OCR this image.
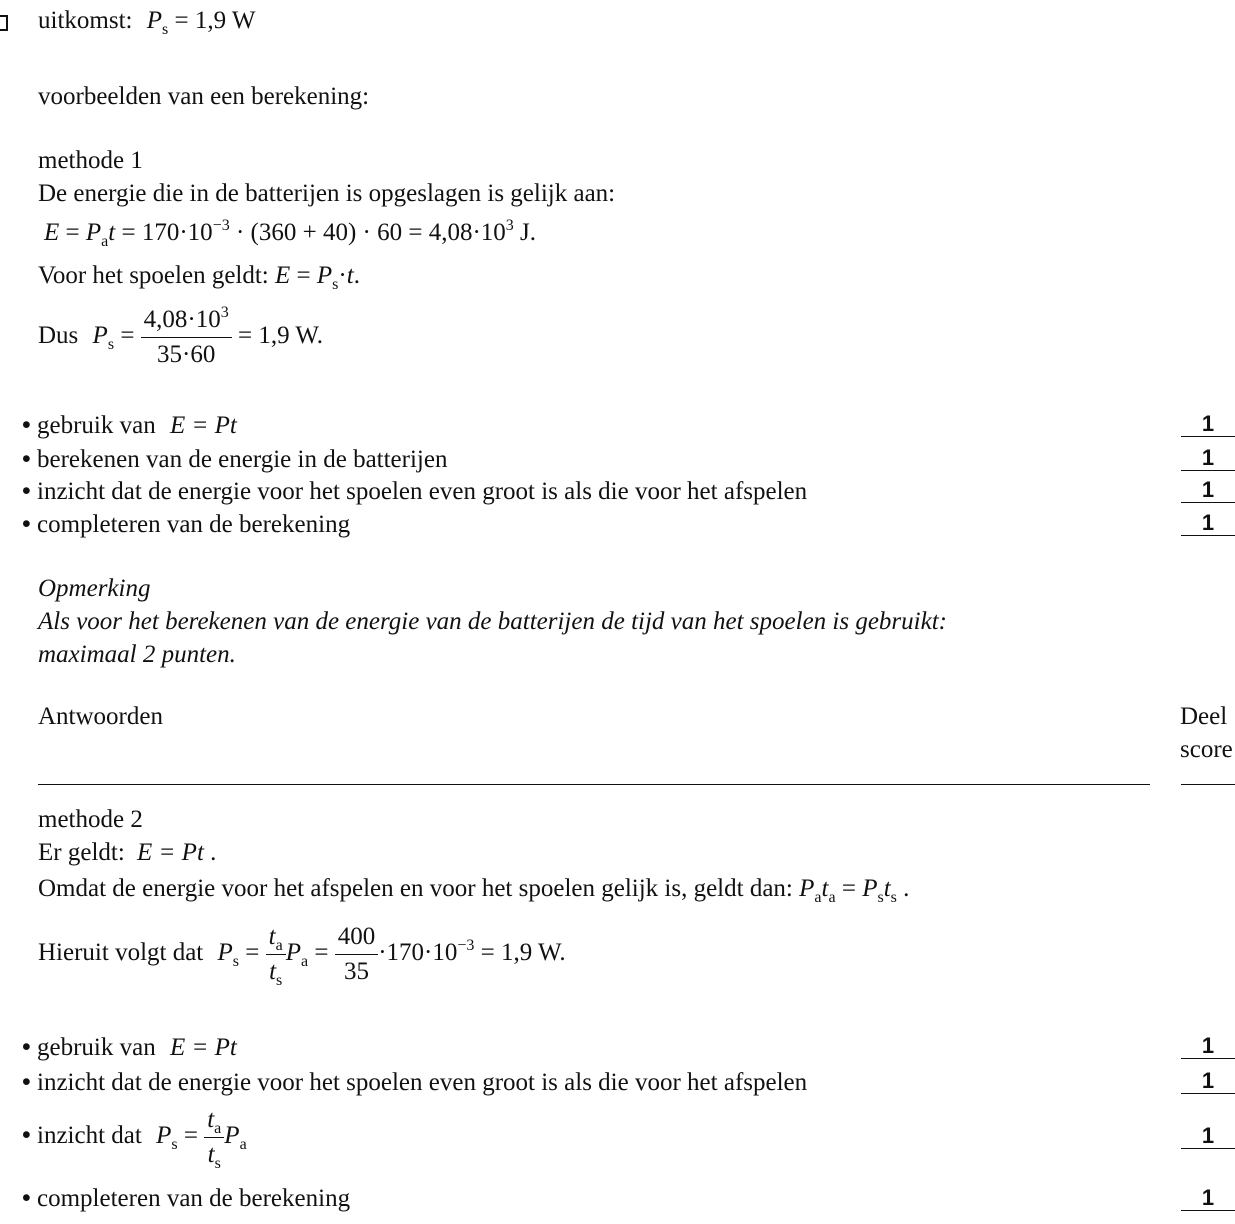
uitkomst: $P_s = 1,9$ W
voorbeelden van een berekening:
methode 1
De energie die in de batterijen is opgeslagen is gelijk aan:
$E = P_at = 170\cdot 10^{-3} \cdot (360 + 40) \cdot 60 = 4,08\cdot 10^3$ J.
Voor het spoelen geldt: $E = P_s\cdot t$.
Dus $P_s = \frac{4,08\cdot 10^3}{35\cdot 60} = 1,9$ W.
• gebruik van E = Pt	1
• berekenen van de energie in de batterijen	1
• inzicht dat de energie voor het spoelen even groot is als die voor het afspelen	1
• completeren van de berekening	1
Opmerking
Als voor het berekenen van de energie van de batterijen de tijd van het spoelen is gebruikt:
maximaal 2 punten.
Antwoorden	Deel
score
methode 2
Er geldt: E = Pt .
Omdat de energie voor het afspelen en voor het spoelen gelijk is, geldt dan: $P_at_a = P_st_s$ .
Hieruit volgt dat $P_s = \frac{t_a}{t_s} P_a = \frac{400}{35} \cdot 170\cdot 10^{-3} = 1,9$ W.
• gebruik van E = Pt	1
• inzicht dat de energie voor het spoelen even groot is als die voor het afspelen	1
• inzicht dat $P_s = \frac{t_a}{t_s} P_a$	1
• completeren van de berekening	1
